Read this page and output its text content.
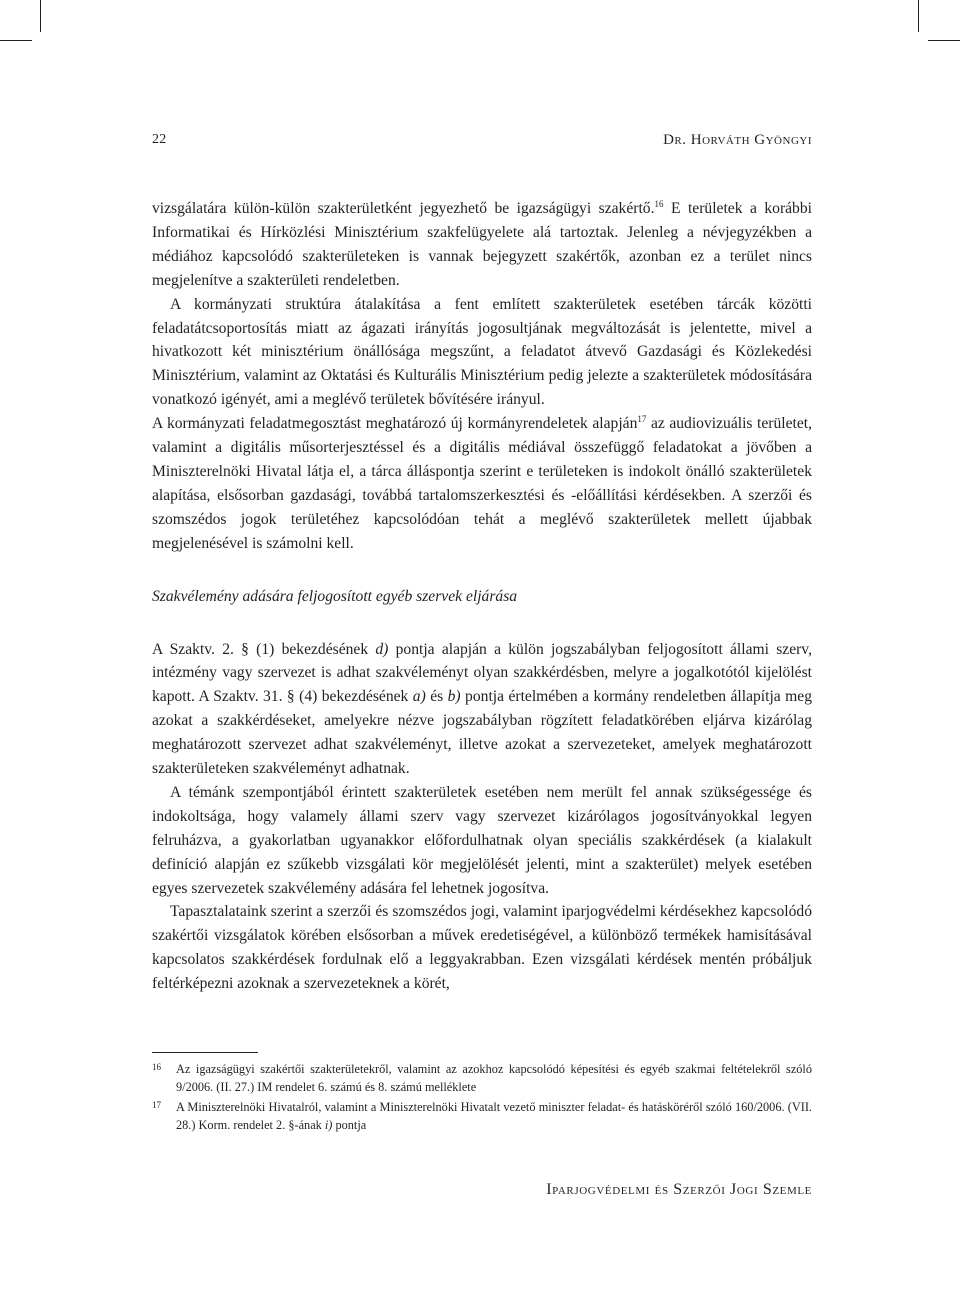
22	Dr. Horváth Gyöngyi

vizsgálatára külön-külön szakterületként jegyezhető be igazságügyi szakértő.$^{16}$ E területek a korábbi Informatikai és Hírközlési Minisztérium szakfelügyelete alá tartoztak. Jelenleg a névjegyzékben a médiához kapcsolódó szakterületeken is vannak bejegyzett szakértők, azonban ez a terület nincs megjelenítve a szakterületi rendeletben.

A kormányzati struktúra átalakítása a fent említett szakterületek esetében tárcák közötti feladatátcsoportosítás miatt az ágazati irányítás jogosultjának megváltozását is jelentette, mivel a hivatkozott két minisztérium önállósága megszűnt, a feladatot átvevő Gazdasági és Közlekedési Minisztérium, valamint az Oktatási és Kulturális Minisztérium pedig jelezte a szakterületek módosítására vonatkozó igényét, ami a meglévő területek bővítésére irányul.

A kormányzati feladatmegosztást meghatározó új kormányrendeletek alapján$^{17}$ az audiovizuális területet, valamint a digitális műsorterjesztéssel és a digitális médiával összefüggő feladatokat a jövőben a Miniszterelnöki Hivatal látja el, a tárca álláspontja szerint e területeken is indokolt önálló szakterületek alapítása, elsősorban gazdasági, továbbá tartalomszerkesztési és -előállítási kérdésekben. A szerzői és szomszédos jogok területéhez kapcsolódóan tehát a meglévő szakterületek mellett újabbak megjelenésével is számolni kell.

Szakvélemény adására feljogosított egyéb szervek eljárása

A Szaktv. 2. § (1) bekezdésének d) pontja alapján a külön jogszabályban feljogosított állami szerv, intézmény vagy szervezet is adhat szakvéleményt olyan szakkérdésben, melyre a jogalkotótól kijelölést kapott. A Szaktv. 31. § (4) bekezdésének a) és b) pontja értelmében a kormány rendeletben állapítja meg azokat a szakkérdéseket, amelyekre nézve jogszabályban rögzített feladatkörében eljárva kizárólag meghatározott szervezet adhat szakvéleményt, illetve azokat a szervezeteket, amelyek meghatározott szakterületeken szakvéleményt adhatnak.

A témánk szempontjából érintett szakterületek esetében nem merült fel annak szükségessége és indokoltsága, hogy valamely állami szerv vagy szervezet kizárólagos jogosítványokkal legyen felruházva, a gyakorlatban ugyanakkor előfordulhatnak olyan speciális szakkérdések (a kialakult definíció alapján ez szűkebb vizsgálati kör megjelölését jelenti, mint a szakterület) melyek esetében egyes szervezetek szakvélemény adására fel lehetnek jogosítva.

Tapasztalataink szerint a szerzői és szomszédos jogi, valamint iparjogvédelmi kérdésekhez kapcsolódó szakértői vizsgálatok körében elsősorban a művek eredetiségével, a különböző termékek hamisításával kapcsolatos szakkérdések fordulnak elő a leggyakrabban. Ezen vizsgálati kérdések mentén próbáljuk feltérképezni azoknak a szervezeteknek a körét,

16 Az igazságügyi szakértői szakterületekről, valamint az azokhoz kapcsolódó képesítési és egyéb szakmai feltételekről szóló 9/2006. (II. 27.) IM rendelet 6. számú és 8. számú melléklete
17 A Miniszterelnöki Hivatalról, valamint a Miniszterelnöki Hivatalt vezető miniszter feladat- és hatásköréről szóló 160/2006. (VII. 28.) Korm. rendelet 2. §-ának i) pontja
Iparjogvédelmi és Szerzői Jogi Szemle
